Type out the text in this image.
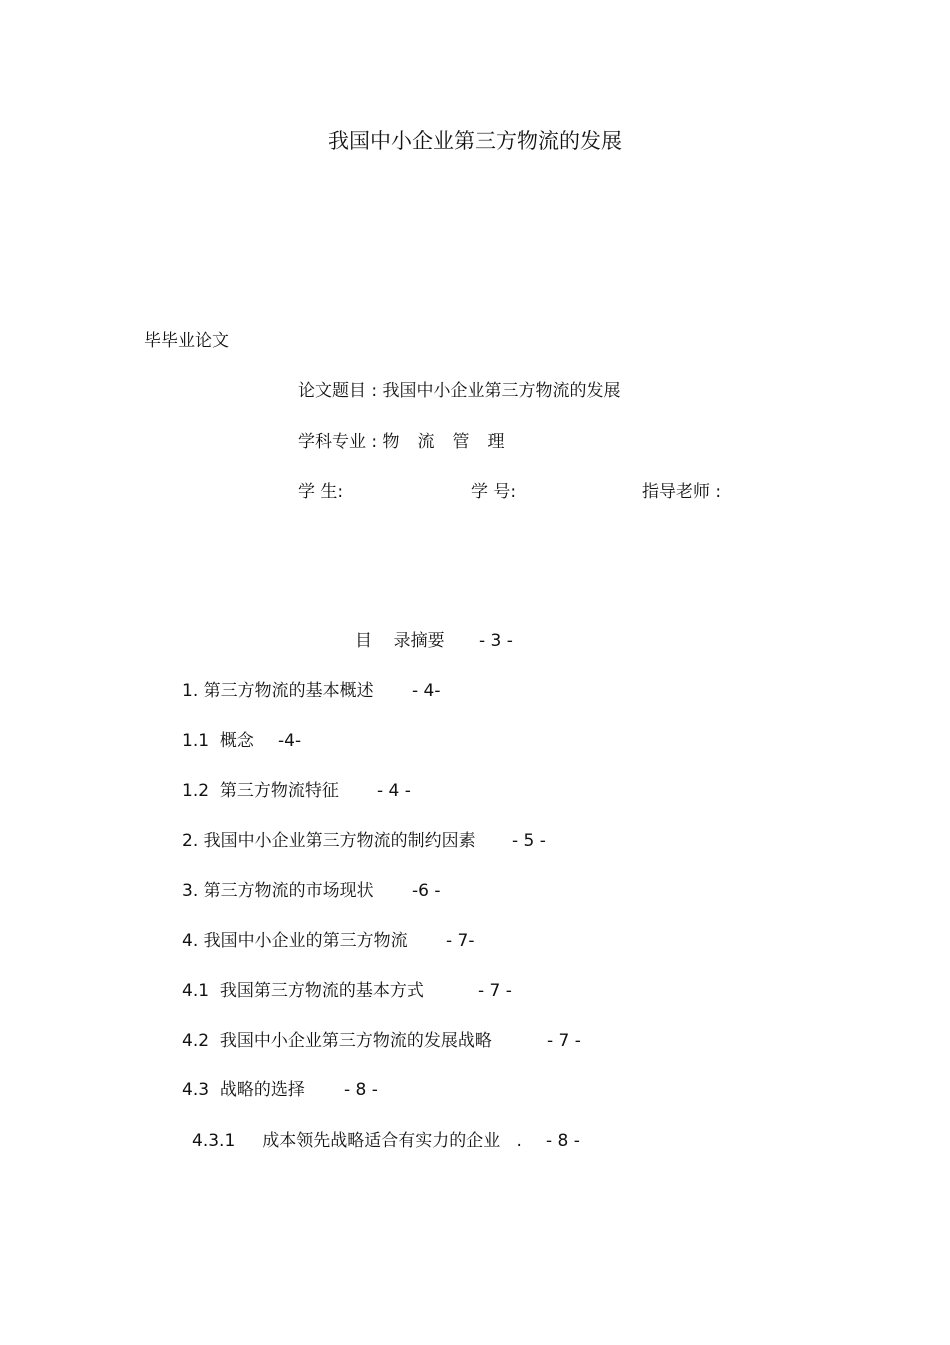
我国中小企业第三方物流的发展
毕毕业论文
论文题目 : 我国中小企业第三方物流的发展
学科专业 : 物流管理
学 生:	学 号:	指导老师 :
目    录摘要 - 3 -
1. 第三方物流的基本概述 - 4-
1.1  概念 -4-
1.2  第三方物流特征 - 4 -
2. 我国中小企业第三方物流的制约因素 - 5 -
3. 第三方物流的市场现状 -6 -
4. 我国中小企业的第三方物流 - 7-
4.1  我国第三方物流的基本方式	- 7 -
4.2  我国中小企业第三方物流的发展战略	- 7 -
4.3  战略的选择 - 8 -
4.3.1     成本领先战略适合有实力的企业   . - 8 -
